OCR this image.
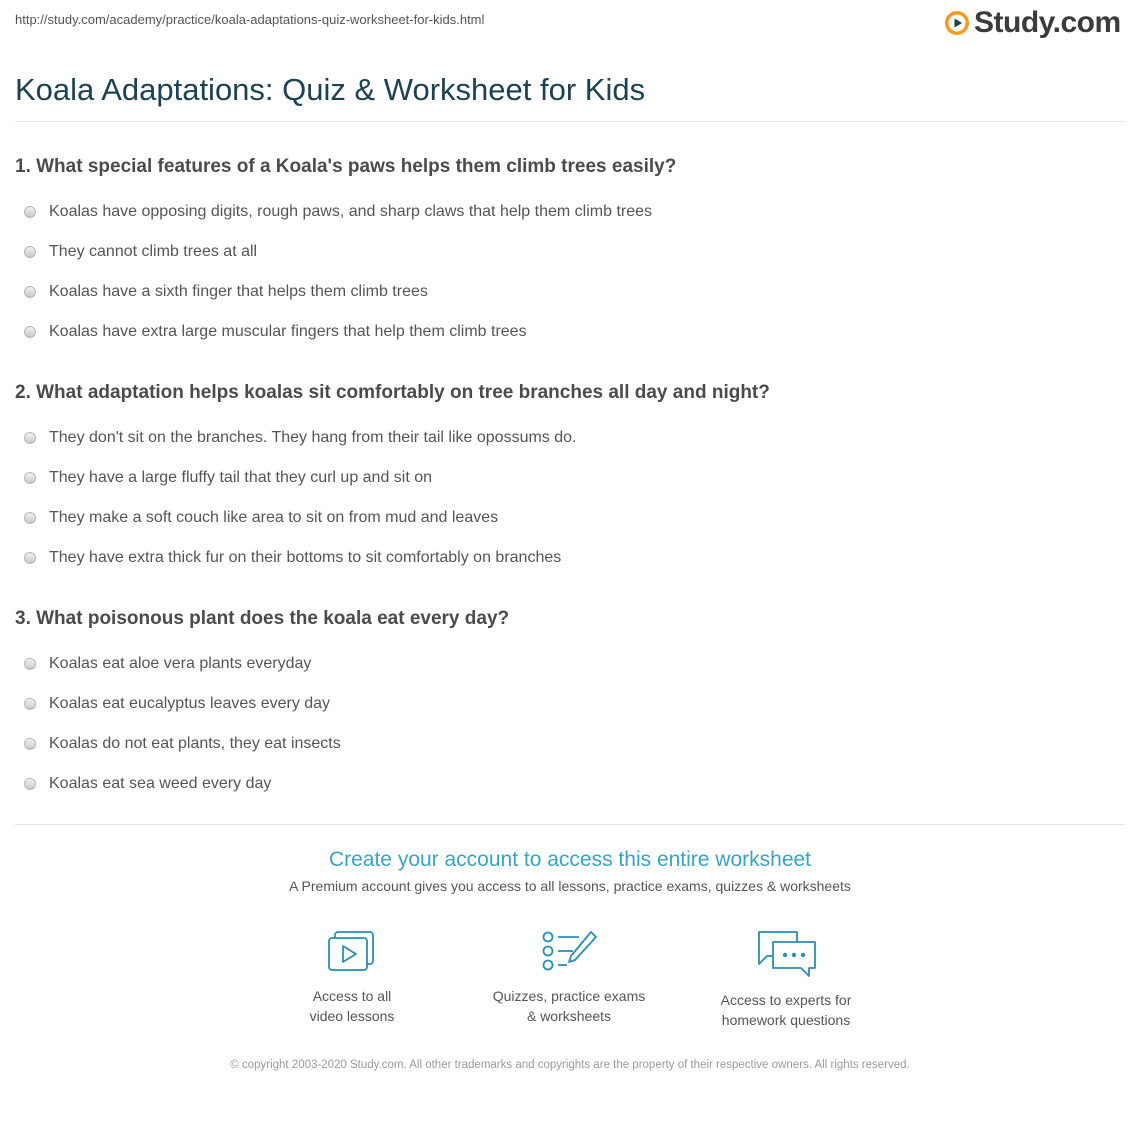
http://study.com/academy/practice/koala-adaptations-quiz-worksheet-for-kids.html	Study.com
Koala Adaptations: Quiz & Worksheet for Kids
1. What special features of a Koala's paws helps them climb trees easily?
Koalas have opposing digits, rough paws, and sharp claws that help them climb trees
They cannot climb trees at all
Koalas have a sixth finger that helps them climb trees
Koalas have extra large muscular fingers that help them climb trees
2. What adaptation helps koalas sit comfortably on tree branches all day and night?
They don't sit on the branches. They hang from their tail like opossums do.
They have a large fluffy tail that they curl up and sit on
They make a soft couch like area to sit on from mud and leaves
They have extra thick fur on their bottoms to sit comfortably on branches
3. What poisonous plant does the koala eat every day?
Koalas eat aloe vera plants everyday
Koalas eat eucalyptus leaves every day
Koalas do not eat plants, they eat insects
Koalas eat sea weed every day
Create your account to access this entire worksheet

A Premium account gives you access to all lessons, practice exams, quizzes & worksheets

Access to all
video lessons
Quizzes, practice exams
& worksheets
Access to experts for
homework questions
© copyright 2003-2020 Study.com. All other trademarks and copyrights are the property of their respective owners. All rights reserved.
